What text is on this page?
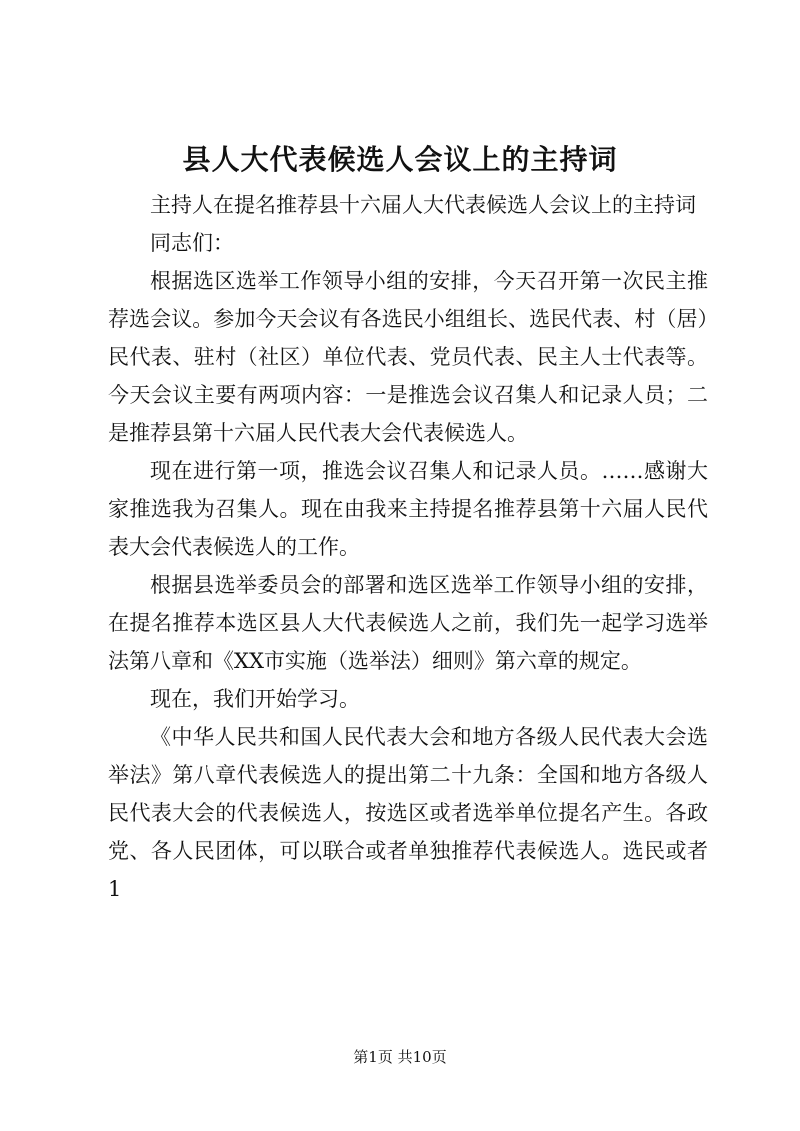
县人大代表候选人会议上的主持词

主持人在提名推荐县十六届人大代表候选人会议上的主持词

同志们：

根据选区选举工作领导小组的安排，今天召开第一次民主推荐选会议。参加今天会议有各选民小组组长、选民代表、村（居）民代表、驻村（社区）单位代表、党员代表、民主人士代表等。今天会议主要有两项内容：一是推选会议召集人和记录人员；二是推荐县第十六届人民代表大会代表候选人。

现在进行第一项，推选会议召集人和记录人员。……感谢大家推选我为召集人。现在由我来主持提名推荐县第十六届人民代表大会代表候选人的工作。

根据县选举委员会的部署和选区选举工作领导小组的安排，在提名推荐本选区县人大代表候选人之前，我们先一起学习选举法第八章和《XX市实施（选举法）细则》第六章的规定。

现在，我们开始学习。

《中华人民共和国人民代表大会和地方各级人民代表大会选举法》第八章代表候选人的提出第二十九条：全国和地方各级人民代表大会的代表候选人，按选区或者选举单位提名产生。各政党、各人民团体，可以联合或者单独推荐代表候选人。选民或者1

第1页 共10页
